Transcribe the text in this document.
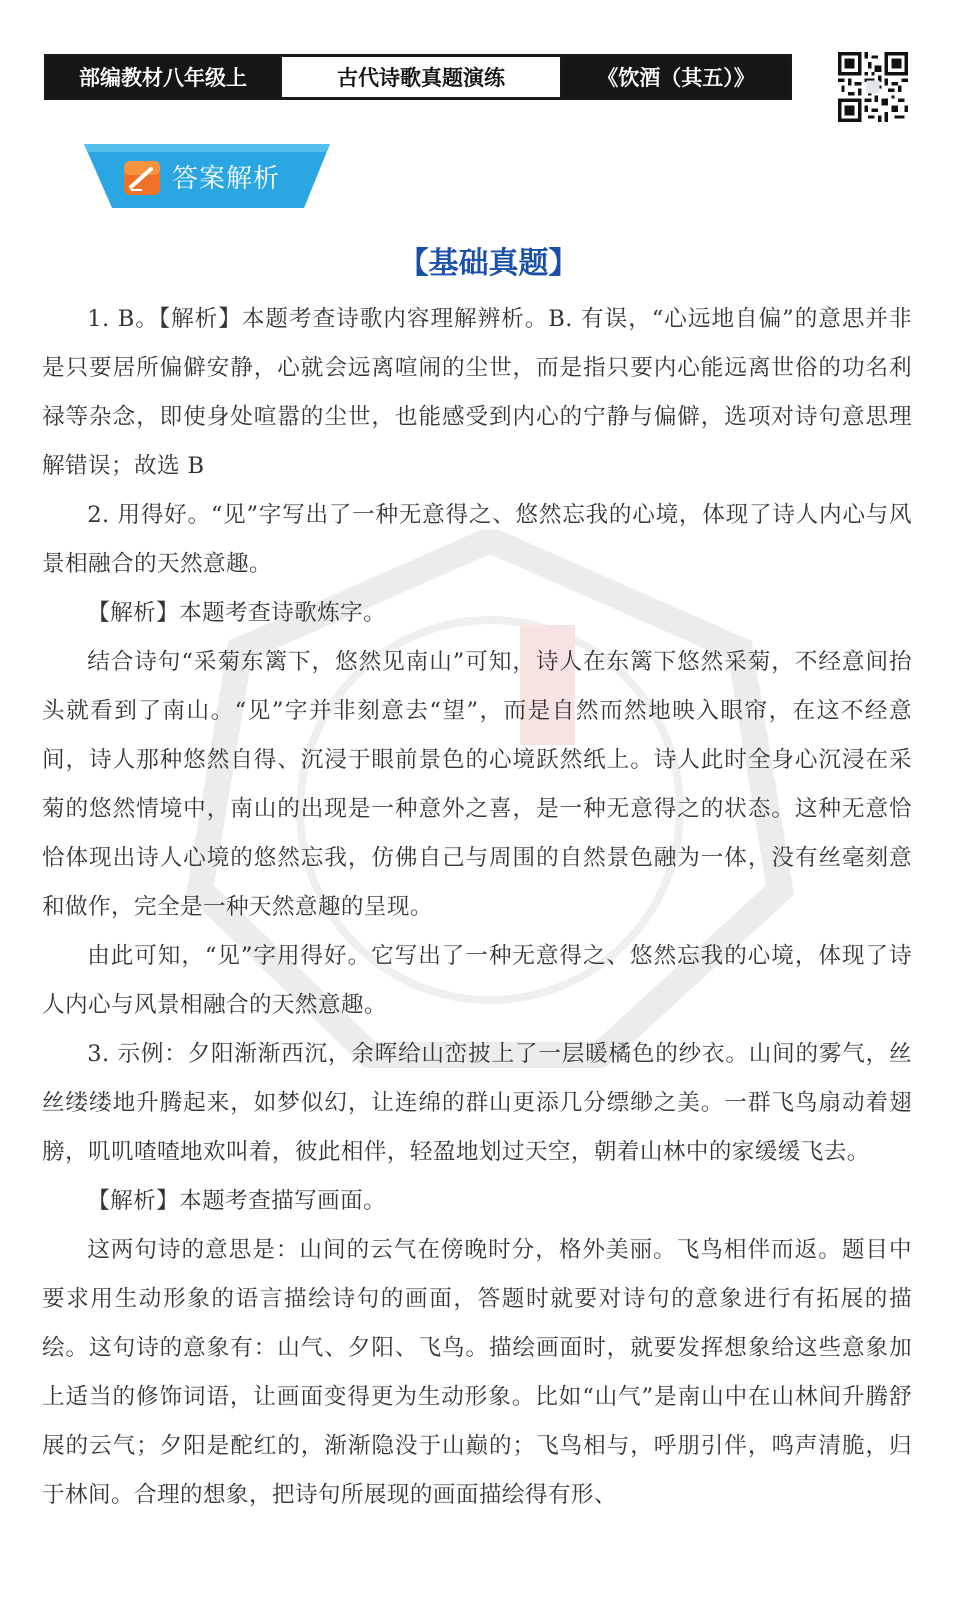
部编教材八年级上	古代诗歌真题演练	《饮酒（其五）》
答案解析
【基础真题】

1. B。【解析】本题考查诗歌内容理解辨析。B. 有误，“心远地自偏”的意思并非是只要居所偏僻安静，心就会远离喧闹的尘世，而是指只要内心能远离世俗的功名利禄等杂念，即使身处喧嚣的尘世，也能感受到内心的宁静与偏僻，选项对诗句意思理解错误；故选 B

2. 用得好。“见”字写出了一种无意得之、悠然忘我的心境，体现了诗人内心与风景相融合的天然意趣。

【解析】本题考查诗歌炼字。

结合诗句“采菊东篱下，悠然见南山”可知，诗人在东篱下悠然采菊，不经意间抬头就看到了南山。“见”字并非刻意去“望”，而是自然而然地映入眼帘，在这不经意间，诗人那种悠然自得、沉浸于眼前景色的心境跃然纸上。诗人此时全身心沉浸在采菊的悠然情境中，南山的出现是一种意外之喜，是一种无意得之的状态。这种无意恰恰体现出诗人心境的悠然忘我，仿佛自己与周围的自然景色融为一体，没有丝毫刻意和做作，完全是一种天然意趣的呈现。

由此可知，“见”字用得好。它写出了一种无意得之、悠然忘我的心境，体现了诗人内心与风景相融合的天然意趣。

3. 示例：夕阳渐渐西沉，余晖给山峦披上了一层暖橘色的纱衣。山间的雾气，丝丝缕缕地升腾起来，如梦似幻，让连绵的群山更添几分缥缈之美。一群飞鸟扇动着翅膀，叽叽喳喳地欢叫着，彼此相伴，轻盈地划过天空，朝着山林中的家缓缓飞去。

【解析】本题考查描写画面。

这两句诗的意思是：山间的云气在傍晚时分，格外美丽。飞鸟相伴而返。题目中要求用生动形象的语言描绘诗句的画面，答题时就要对诗句的意象进行有拓展的描绘。这句诗的意象有：山气、夕阳、飞鸟。描绘画面时，就要发挥想象给这些意象加上适当的修饰词语，让画面变得更为生动形象。比如“山气”是南山中在山林间升腾舒展的云气；夕阳是酡红的，渐渐隐没于山巅的；飞鸟相与，呼朋引伴，鸣声清脆，归于林间。合理的想象，把诗句所展现的画面描绘得有形、
